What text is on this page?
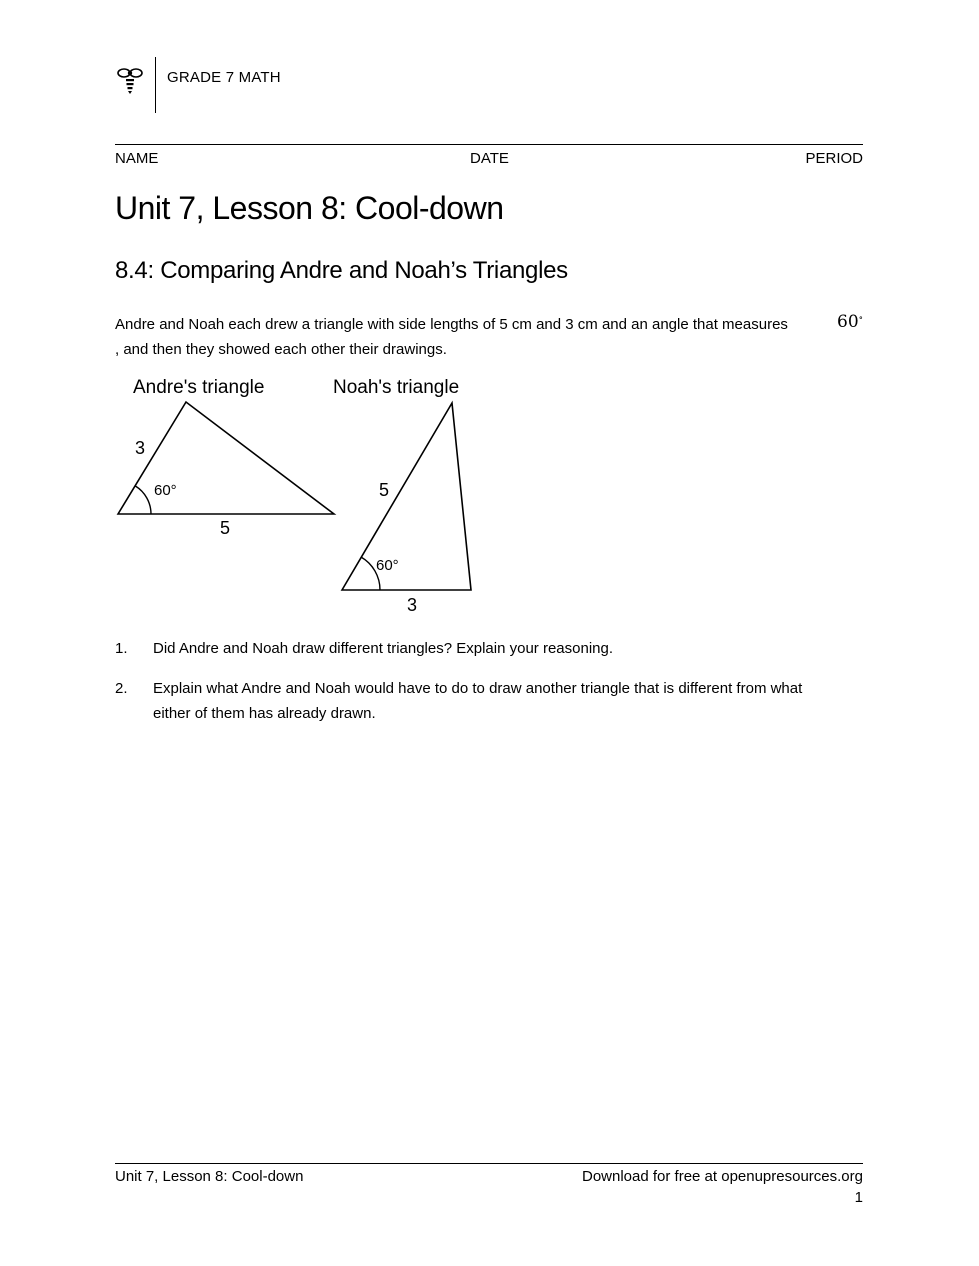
GRADE 7 MATH
NAME	DATE	PERIOD
Unit 7, Lesson 8: Cool-down
8.4: Comparing Andre and Noah’s Triangles
Andre and Noah each drew a triangle with side lengths of 5 cm and 3 cm and an angle that measures
, and then they showed each other their drawings.
60∘
Andre's triangle
3
60°
5
Noah's triangle
5
60°
3
1. Did Andre and Noah draw different triangles? Explain your reasoning.
2. Explain what Andre and Noah would have to do to draw another triangle that is different from what either of them has already drawn.
Unit 7, Lesson 8: Cool-down	Download for free at openupresources.org
1
